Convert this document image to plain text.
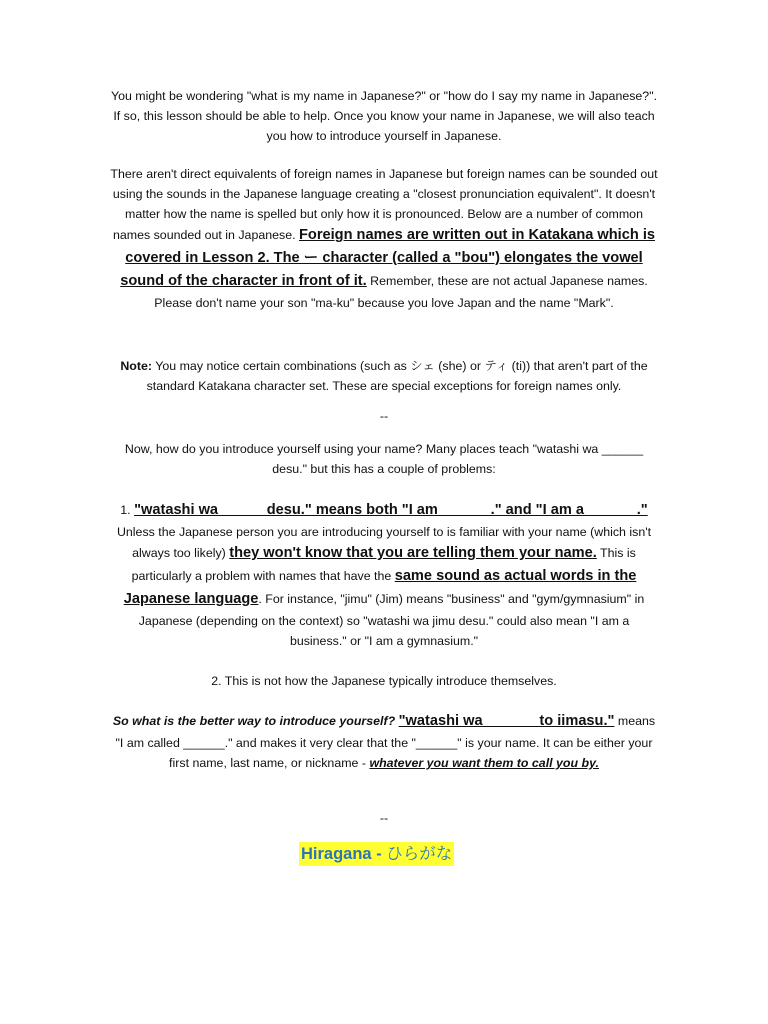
You might be wondering "what is my name in Japanese?" or "how do I say my name in Japanese?". If so, this lesson should be able to help. Once you know your name in Japanese, we will also teach you how to introduce yourself in Japanese.

There aren't direct equivalents of foreign names in Japanese but foreign names can be sounded out using the sounds in the Japanese language creating a "closest pronunciation equivalent". It doesn't matter how the name is spelled but only how it is pronounced. Below are a number of common names sounded out in Japanese. Foreign names are written out in Katakana which is covered in Lesson 2. The ー character (called a "bou") elongates the vowel sound of the character in front of it. Remember, these are not actual Japanese names. Please don't name your son "ma-ku" because you love Japan and the name "Mark".

Note: You may notice certain combinations (such as シェ (she) or ティ (ti)) that aren't part of the standard Katakana character set. These are special exceptions for foreign names only.

--

Now, how do you introduce yourself using your name? Many places teach "watashi wa ______ desu." but this has a couple of problems:

1. "watashi wa _____ desu." means both "I am ______." and "I am a ______."
Unless the Japanese person you are introducing yourself to is familiar with your name (which isn't always too likely) they won't know that you are telling them your name. This is particularly a problem with names that have the same sound as actual words in the Japanese language. For instance, "jimu" (Jim) means "business" and "gym/gymnasium" in Japanese (depending on the context) so "watashi wa jimu desu." could also mean "I am a business." or "I am a gymnasium."

2. This is not how the Japanese typically introduce themselves.

So what is the better way to introduce yourself? "watashi wa ______ to iimasu." means "I am called ______." and makes it very clear that the "______" is your name. It can be either your first name, last name, or nickname - whatever you want them to call you by.

--

Hiragana - ひらがな
